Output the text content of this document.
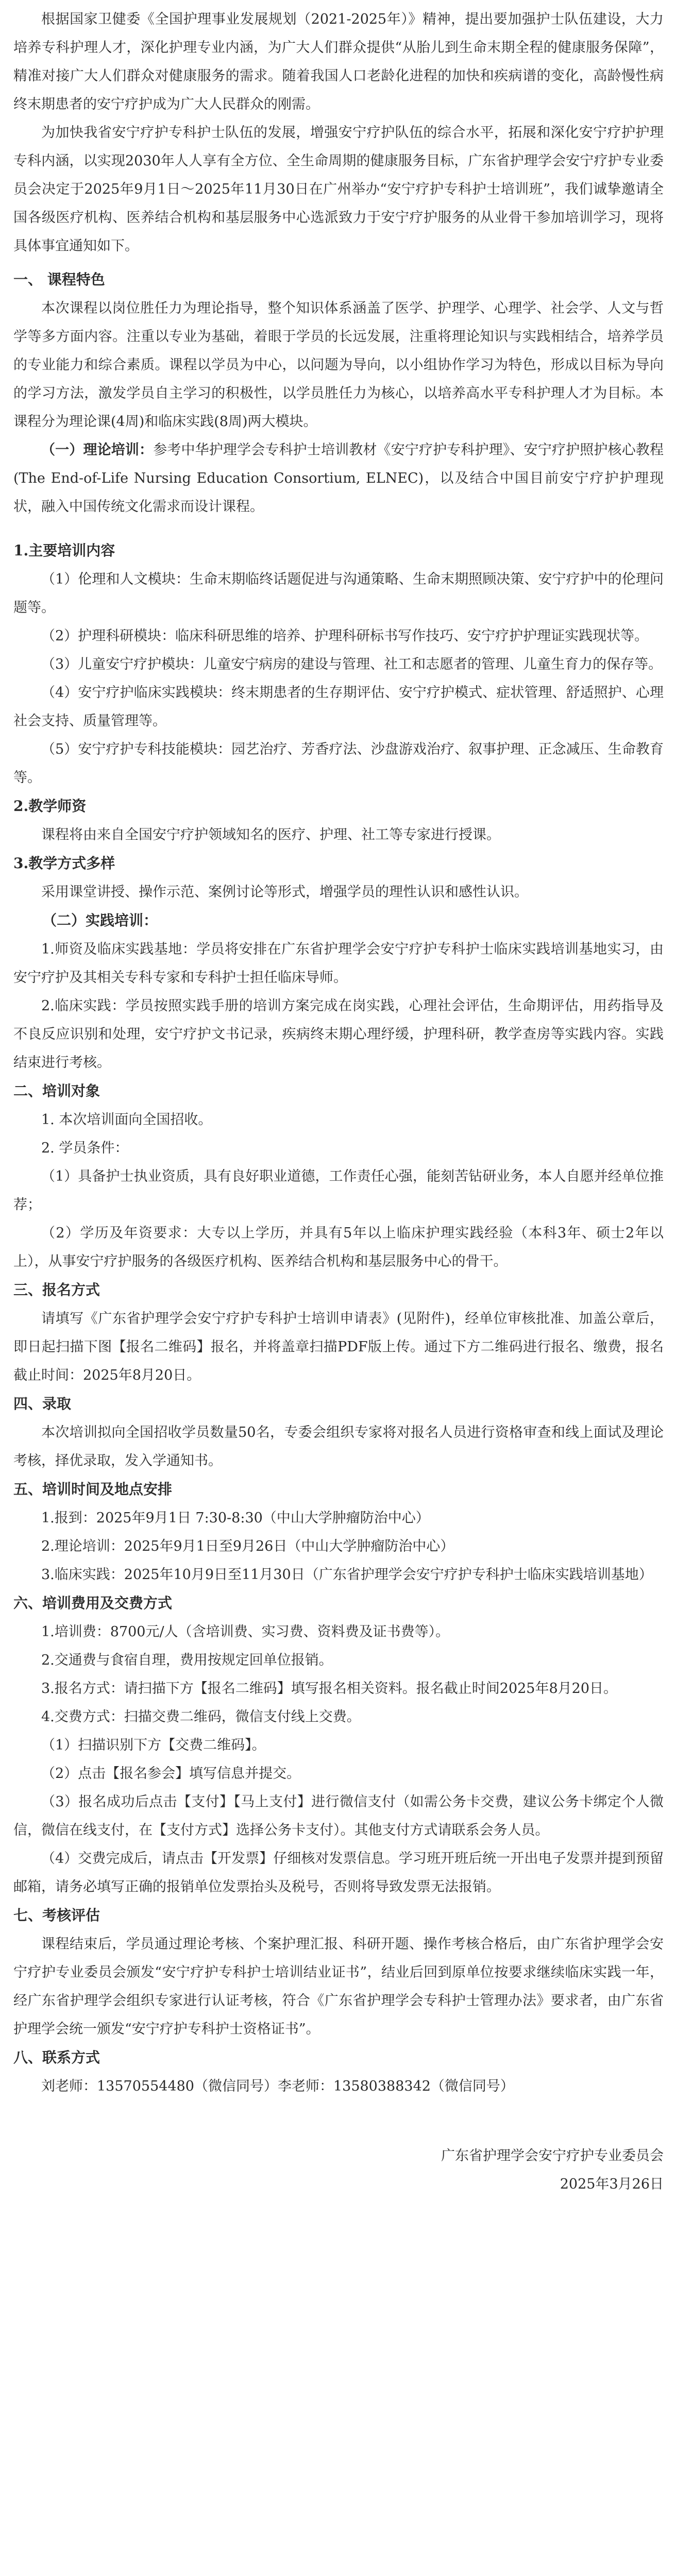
根据国家卫健委《全国护理事业发展规划（2021-2025年）》精神，提出要加强护士队伍建设，大力培养专科护理人才，深化护理专业内涵，为广大人们群众提供“从胎儿到生命末期全程的健康服务保障”，精准对接广大人们群众对健康服务的需求。随着我国人口老龄化进程的加快和疾病谱的变化，高龄慢性病终末期患者的安宁疗护成为广大人民群众的刚需。

为加快我省安宁疗护专科护士队伍的发展，增强安宁疗护队伍的综合水平，拓展和深化安宁疗护护理专科内涵，以实现2030年人人享有全方位、全生命周期的健康服务目标，广东省护理学会安宁疗护专业委员会决定于2025年9月1日～2025年11月30日在广州举办“安宁疗护专科护士培训班”，我们诚挚邀请全国各级医疗机构、医养结合机构和基层服务中心选派致力于安宁疗护服务的从业骨干参加培训学习，现将具体事宜通知如下。

一、 课程特色

本次课程以岗位胜任力为理论指导，整个知识体系涵盖了医学、护理学、心理学、社会学、人文与哲学等多方面内容。注重以专业为基础，着眼于学员的长远发展，注重将理论知识与实践相结合，培养学员的专业能力和综合素质。课程以学员为中心，以问题为导向，以小组协作学习为特色，形成以目标为导向的学习方法，激发学员自主学习的积极性，以学员胜任力为核心，以培养高水平专科护理人才为目标。本课程分为理论课(4周)和临床实践(8周)两大模块。

（一）理论培训：参考中华护理学会专科护士培训教材《安宁疗护专科护理》、安宁疗护照护核心教程(The End-of-Life Nursing Education Consortium, ELNEC)，以及结合中国目前安宁疗护护理现状，融入中国传统文化需求而设计课程。

1.主要培训内容

（1）伦理和人文模块：生命末期临终话题促进与沟通策略、生命末期照顾决策、安宁疗护中的伦理问题等。

（2）护理科研模块：临床科研思维的培养、护理科研标书写作技巧、安宁疗护护理证实践现状等。

（3）儿童安宁疗护模块：儿童安宁病房的建设与管理、社工和志愿者的管理、儿童生育力的保存等。

（4）安宁疗护临床实践模块：终末期患者的生存期评估、安宁疗护模式、症状管理、舒适照护、心理社会支持、质量管理等。

（5）安宁疗护专科技能模块：园艺治疗、芳香疗法、沙盘游戏治疗、叙事护理、正念减压、生命教育等。

2.教学师资

课程将由来自全国安宁疗护领域知名的医疗、护理、社工等专家进行授课。

3.教学方式多样

采用课堂讲授、操作示范、案例讨论等形式，增强学员的理性认识和感性认识。

（二）实践培训：

1.师资及临床实践基地：学员将安排在广东省护理学会安宁疗护专科护士临床实践培训基地实习，由安宁疗护及其相关专科专家和专科护士担任临床导师。

2.临床实践：学员按照实践手册的培训方案完成在岗实践，心理社会评估，生命期评估，用药指导及不良反应识别和处理，安宁疗护文书记录，疾病终末期心理纾缓，护理科研，教学查房等实践内容。实践结束进行考核。

二、培训对象

1. 本次培训面向全国招收。

2. 学员条件：

（1）具备护士执业资质，具有良好职业道德，工作责任心强，能刻苦钻研业务，本人自愿并经单位推荐；

（2）学历及年资要求：大专以上学历，并具有5年以上临床护理实践经验（本科3年、硕士2年以上），从事安宁疗护服务的各级医疗机构、医养结合机构和基层服务中心的骨干。

三、报名方式

请填写《广东省护理学会安宁疗护专科护士培训申请表》(见附件)，经单位审核批准、加盖公章后，即日起扫描下图【报名二维码】报名，并将盖章扫描PDF版上传。通过下方二维码进行报名、缴费，报名截止时间：2025年8月20日。

四、录取

本次培训拟向全国招收学员数量50名，专委会组织专家将对报名人员进行资格审查和线上面试及理论考核，择优录取，发入学通知书。

五、培训时间及地点安排

1.报到：2025年9月1日 7:30-8:30（中山大学肿瘤防治中心）

2.理论培训：2025年9月1日至9月26日（中山大学肿瘤防治中心）

3.临床实践：2025年10月9日至11月30日（广东省护理学会安宁疗护专科护士临床实践培训基地）

六、培训费用及交费方式

1.培训费：8700元/人（含培训费、实习费、资料费及证书费等）。

2.交通费与食宿自理，费用按规定回单位报销。

3.报名方式：请扫描下方【报名二维码】填写报名相关资料。报名截止时间2025年8月20日。

4.交费方式：扫描交费二维码，微信支付线上交费。

（1）扫描识别下方【交费二维码】。

（2）点击【报名参会】填写信息并提交。

（3）报名成功后点击【支付】【马上支付】进行微信支付（如需公务卡交费，建议公务卡绑定个人微信，微信在线支付，在【支付方式】选择公务卡支付）。其他支付方式请联系会务人员。

（4）交费完成后，请点击【开发票】仔细核对发票信息。学习班开班后统一开出电子发票并提到预留邮箱，请务必填写正确的报销单位发票抬头及税号，否则将导致发票无法报销。

七、考核评估

课程结束后，学员通过理论考核、个案护理汇报、科研开题、操作考核合格后，由广东省护理学会安宁疗护专业委员会颁发“安宁疗护专科护士培训结业证书”，结业后回到原单位按要求继续临床实践一年，经广东省护理学会组织专家进行认证考核，符合《广东省护理学会专科护士管理办法》要求者，由广东省护理学会统一颁发“安宁疗护专科护士资格证书”。

八、联系方式

刘老师：13570554480（微信同号）李老师：13580388342（微信同号）

广东省护理学会安宁疗护专业委员会

2025年3月26日
